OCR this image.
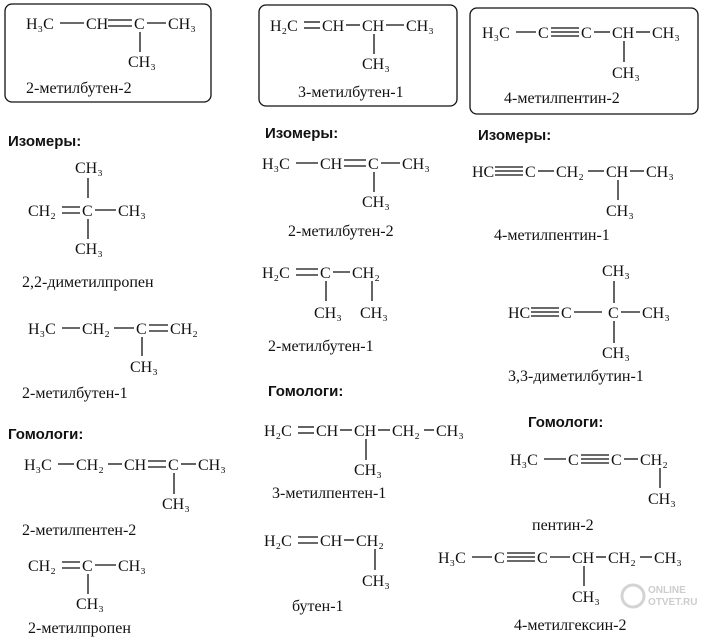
H₃C CH C CH₃
CH₃
2-метилбутен-2
Изомеры:
CH₃
CH₂ C CH₃
CH₃
2,2-диметилпропен
H₃C CH₂ C CH₂
CH₃
2-метилбутен-1
Гомологи:
H₃C CH₂ CH C CH₃
CH₃
2-метилпентен-2
CH₂ C CH₃
CH₃
2-метилпропен
H₂C CH CH CH₃
CH₃
3-метилбутен-1
Изомеры:
H₃C CH C CH₃
CH₃
2-метилбутен-2
H₂C C CH₂
CH₃ CH₃
2-метилбутен-1
Гомологи:
H₂C CH CH CH₂ CH₃
CH₃
3-метилпентен-1
H₂C CH CH₂
CH₃
бутен-1
H₃C C C CH CH₃
CH₃
4-метилпентин-2
Изомеры:
HC C CH₂ CH CH₃
CH₃
4-метилпентин-1
CH₃
HC C C CH₃
CH₃
3,3-диметилбутин-1
Гомологи:
H₃C C C CH₂
CH₃
пентин-2
H₃C C C CH CH₂ CH₃
CH₃
4-метилгексин-2
ONLINE
OTVET.RU
